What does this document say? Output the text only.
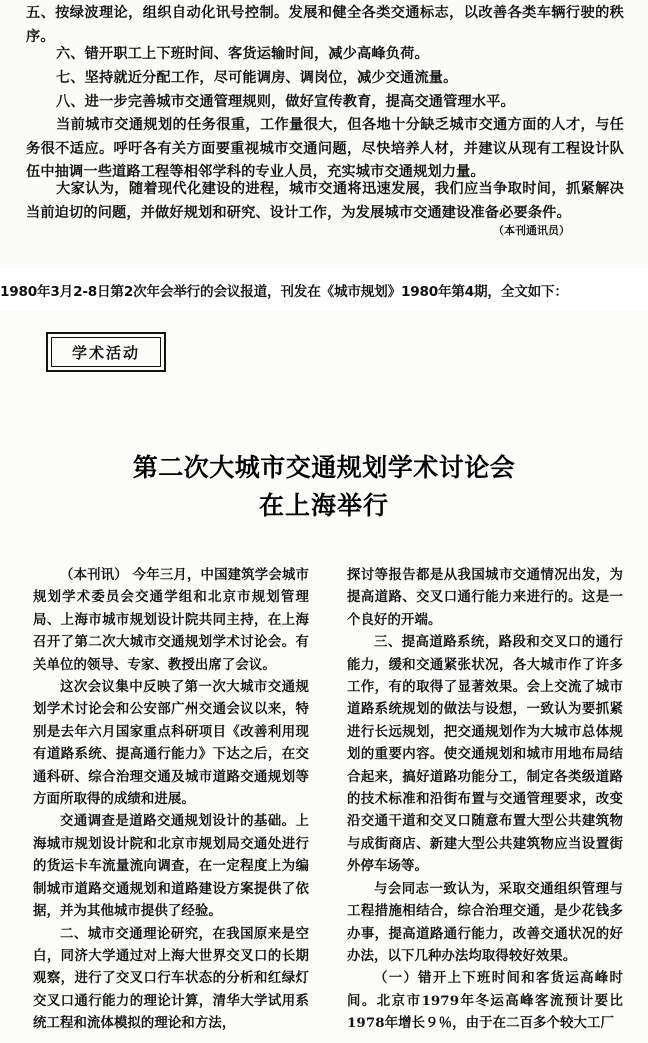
五、按绿波理论，组织自动化讯号控制。发展和健全各类交通标志，以改善各类车辆行驶的秩序。

六、错开职工上下班时间、客货运输时间，减少高峰负荷。

七、坚持就近分配工作，尽可能调房、调岗位，减少交通流量。

八、进一步完善城市交通管理规则，做好宣传教育，提高交通管理水平。

当前城市交通规划的任务很重，工作量很大，但各地十分缺乏城市交通方面的人才，与任务很不适应。呼吁各有关方面要重视城市交通问题，尽快培养人材，并建议从现有工程设计队伍中抽调一些道路工程等相邻学科的专业人员，充实城市交通规划力量。

大家认为，随着现代化建设的进程，城市交通将迅速发展，我们应当争取时间，抓紧解决当前迫切的问题，并做好规划和研究、设计工作，为发展城市交通建设准备必要条件。

（本刊通讯员）
1980年3月2-8日第2次年会举行的会议报道，刊发在《城市规划》1980年第4期，全文如下：
学术活动
第二次大城市交通规划学术讨论会
在上海举行

（本刊讯） 今年三月，中国建筑学会城市规划学术委员会交通学组和北京市规划管理局、上海市城市规划设计院共同主持，在上海召开了第二次大城市交通规划学术讨论会。有关单位的领导、专家、教授出席了会议。

这次会议集中反映了第一次大城市交通规划学术讨论会和公安部广州交通会议以来，特别是去年六月国家重点科研项目《改善利用现有道路系统、提高通行能力》下达之后，在交通科研、综合治理交通及城市道路交通规划等方面所取得的成绩和进展。

交通调查是道路交通规划设计的基础。上海城市规划设计院和北京市规划局交通处进行的货运卡车流量流向调查，在一定程度上为编制城市道路交通规划和道路建设方案提供了依据，并为其他城市提供了经验。

二、城市交通理论研究，在我国原来是空白，同济大学通过对上海大世界交叉口的长期观察，进行了交叉口行车状态的分析和红绿灯交叉口通行能力的理论计算，清华大学试用系统工程和流体模拟的理论和方法，

探讨等报告都是从我国城市交通情况出发，为提高道路、交叉口通行能力来进行的。这是一个良好的开端。

三、提高道路系统，路段和交叉口的通行能力，缓和交通紧张状况，各大城市作了许多工作，有的取得了显著效果。会上交流了城市道路系统规划的做法与设想，一致认为要抓紧进行长远规划，把交通规划作为大城市总体规划的重要内容。使交通规划和城市用地布局结合起来，搞好道路功能分工，制定各类级道路的技术标准和沿街布置与交通管理要求，改变沿交通干道和交叉口随意布置大型公共建筑物与成街商店、新建大型公共建筑物应当设置街外停车场等。

与会同志一致认为，采取交通组织管理与工程措施相结合，综合治理交通，是少花钱多办事，提高道路通行能力，改善交通状况的好办法，以下几种办法均取得较好效果。

（一）错开上下班时间和客货运高峰时间。北京市1979年冬运高峰客流预计要比1978年增长９％，由于在二百多个较大工厂
